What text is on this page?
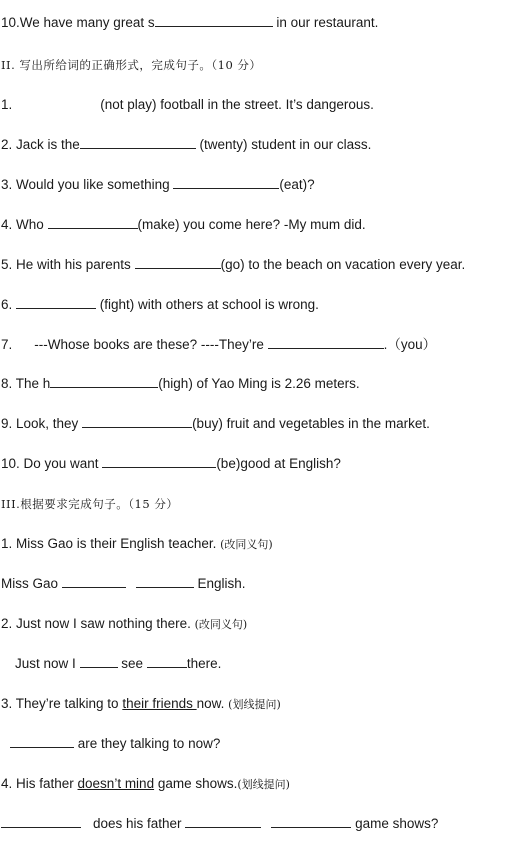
10.We have many great s	in our restaurant.
II. 写出所给词的正确形式，完成句子。（10 分）
1.	(not play) football in the street. It’s dangerous.
2. Jack is the	(twenty) student in our class.
3. Would you like something	(eat)?
4. Who	(make) you come here? -My mum did.
5. He with his parents	(go) to the beach on vacation every year.
6.	(fight) with others at school is wrong.
7. ---Whose books are these? ----They’re	.（you）
8. The h	(high) of Yao Ming is 2.26 meters.
9. Look, they	(buy) fruit and vegetables in the market.
10. Do you want	(be)good at English?
III.根据要求完成句子。（15 分）
1. Miss Gao is their English teacher. (改同义句)
Miss Gao	English.
2. Just now I saw nothing there. (改同义句)
Just now I	see	there.
3. They’re talking to their friends now. (划线提问)
are they talking to now?
4. His father doesn’t mind game shows.(划线提问)
does his father	game shows?
